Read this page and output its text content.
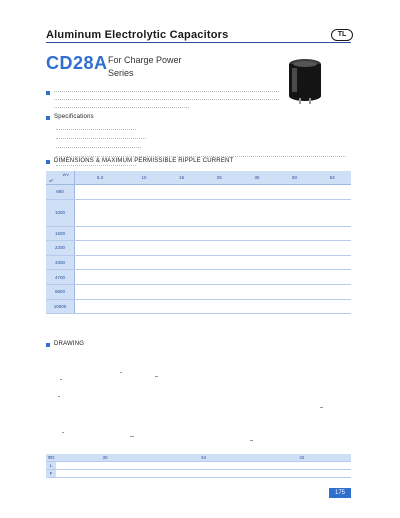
Aluminum Electrolytic Capacitors	TL
CD28A For Charge Power
Series
Specifications
DIMENSIONS & MAXIMUM PERMISSIBLE RIPPLE CURRENT
WV
uF	6.3	10	16	25	35	50	63
680							
1000							
1500							
2200							
3300							
4700							
6800							
10000							
DRAWING
ΦD	30	34	42
L			
F			
175
